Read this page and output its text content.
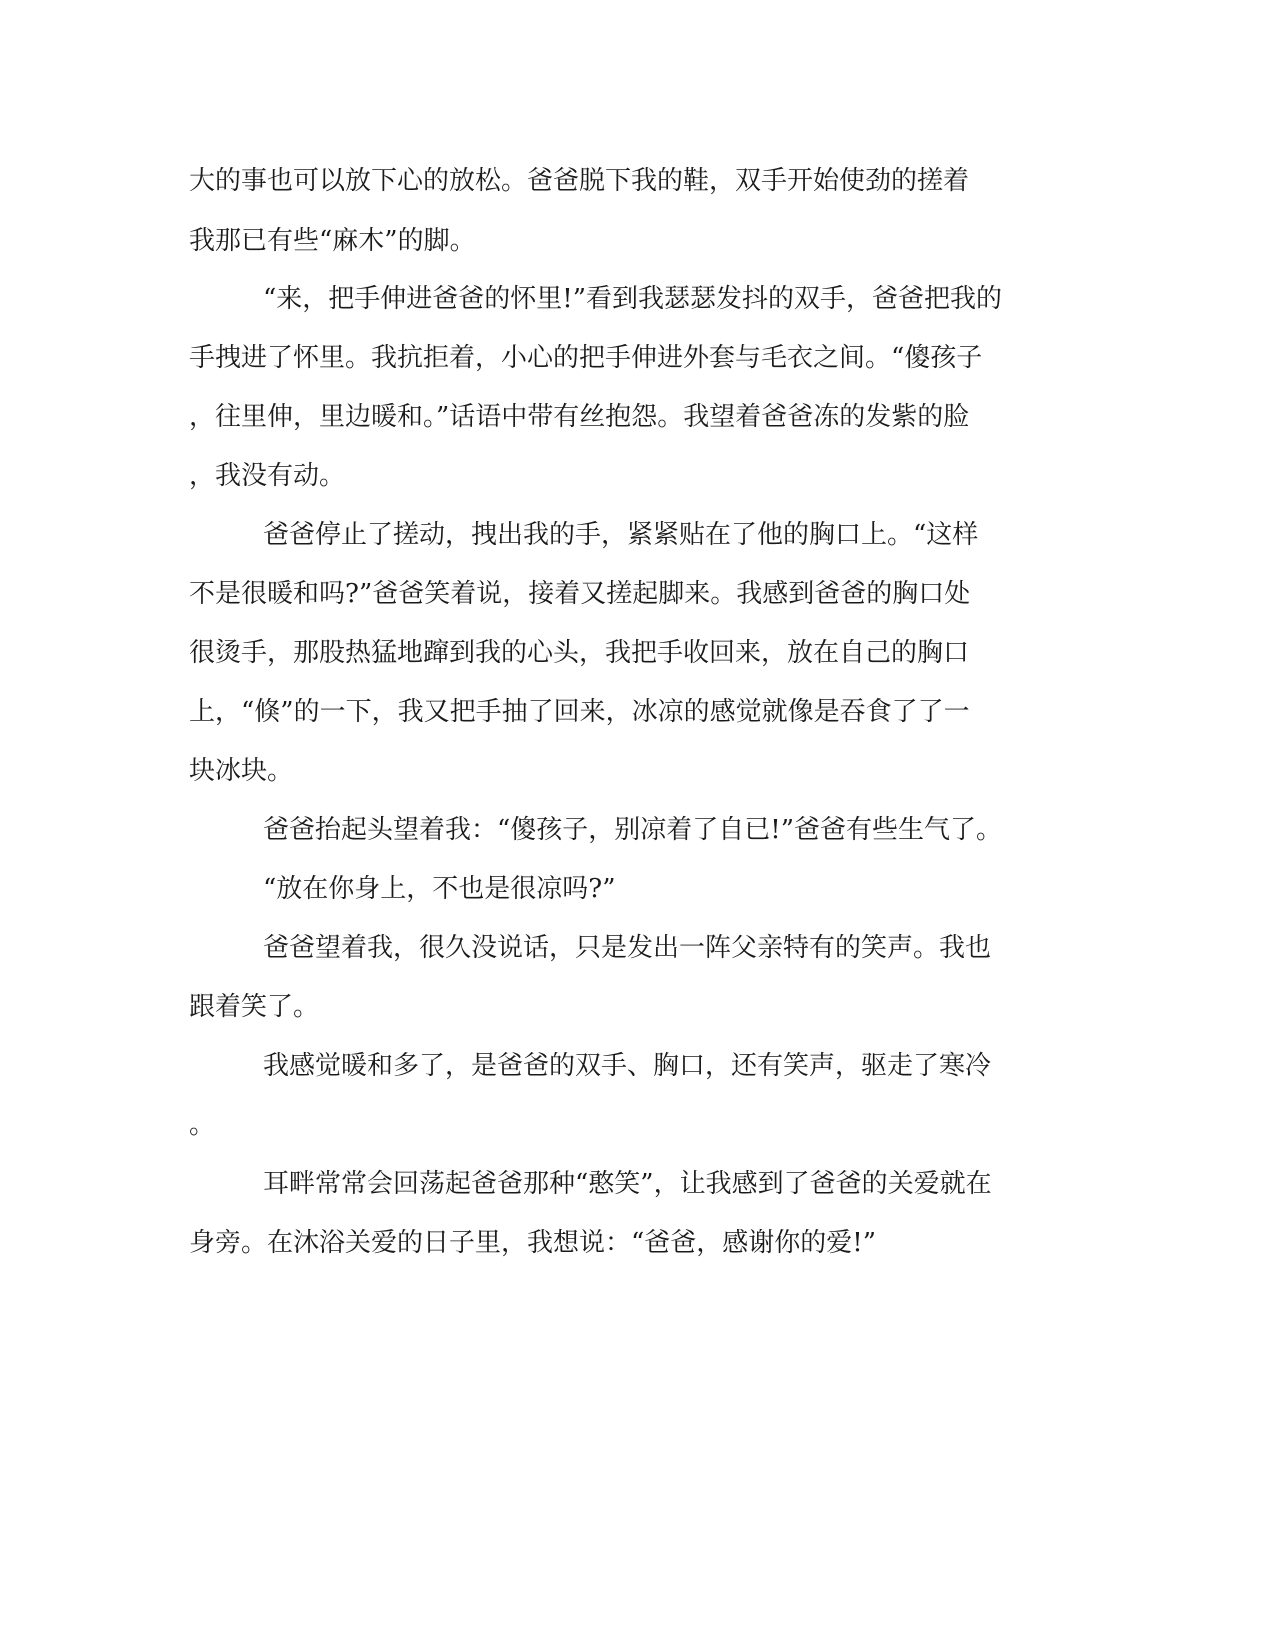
大的事也可以放下心的放松。爸爸脱下我的鞋，双手开始使劲的搓着

我那已有些“麻木”的脚。

“来，把手伸进爸爸的怀里!”看到我瑟瑟发抖的双手，爸爸把我的

手拽进了怀里。我抗拒着，小心的把手伸进外套与毛衣之间。“傻孩子

，往里伸，里边暖和。”话语中带有丝抱怨。我望着爸爸冻的发紫的脸

，我没有动。

爸爸停止了搓动，拽出我的手，紧紧贴在了他的胸口上。“这样

不是很暖和吗?”爸爸笑着说，接着又搓起脚来。我感到爸爸的胸口处

很烫手，那股热猛地蹿到我的心头，我把手收回来，放在自己的胸口

上，“倏”的一下，我又把手抽了回来，冰凉的感觉就像是吞食了了一

块冰块。

爸爸抬起头望着我：“傻孩子，别凉着了自已!”爸爸有些生气了。

“放在你身上，不也是很凉吗?”

爸爸望着我，很久没说话，只是发出一阵父亲特有的笑声。我也

跟着笑了。

我感觉暖和多了，是爸爸的双手、胸口，还有笑声，驱走了寒冷

。

耳畔常常会回荡起爸爸那种“憨笑”，让我感到了爸爸的关爱就在

身旁。在沐浴关爱的日子里，我想说：“爸爸，感谢你的爱!”
